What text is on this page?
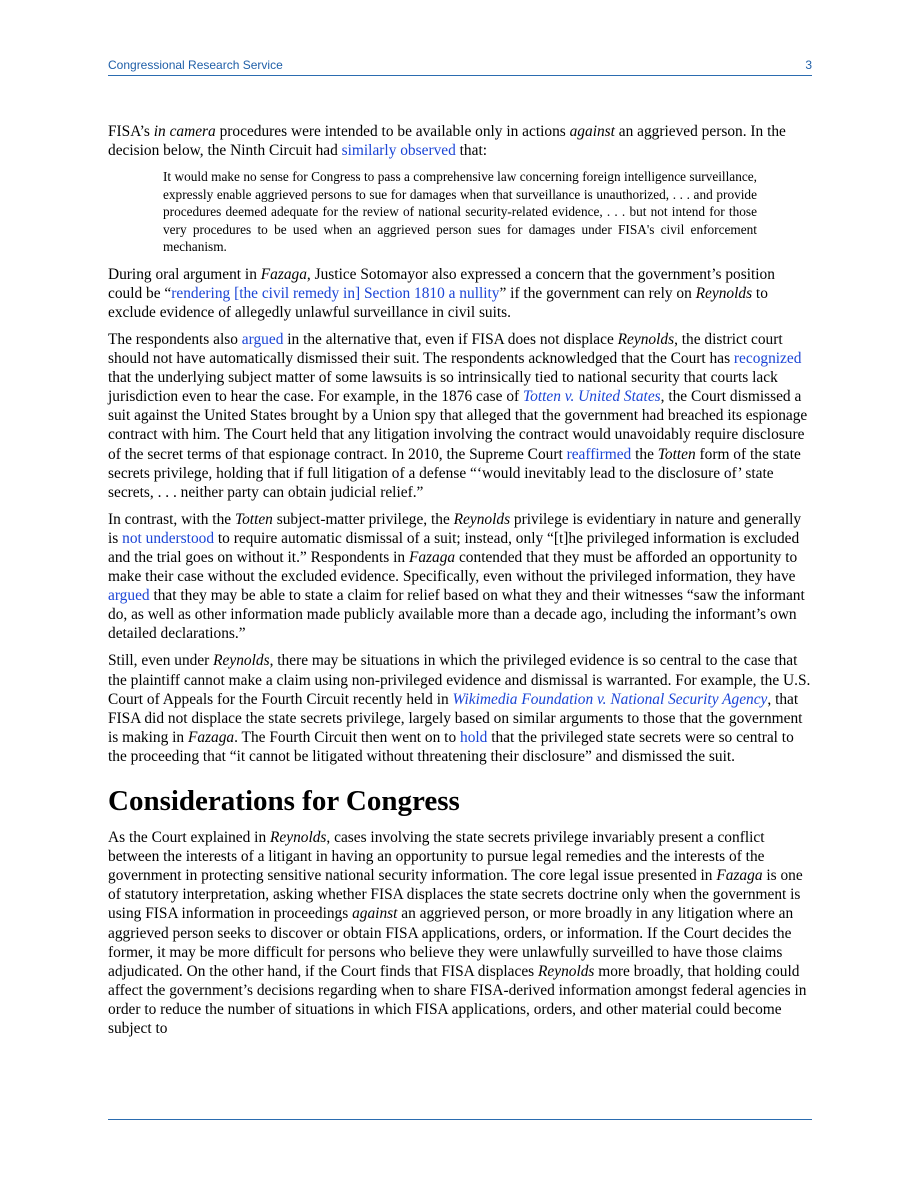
Congressional Research Service	3

FISA’s in camera procedures were intended to be available only in actions against an aggrieved person. In the decision below, the Ninth Circuit had similarly observed that:

It would make no sense for Congress to pass a comprehensive law concerning foreign intelligence surveillance, expressly enable aggrieved persons to sue for damages when that surveillance is unauthorized, . . . and provide procedures deemed adequate for the review of national security-related evidence, . . . but not intend for those very procedures to be used when an aggrieved person sues for damages under FISA's civil enforcement mechanism.

During oral argument in Fazaga, Justice Sotomayor also expressed a concern that the government’s position could be “rendering [the civil remedy in] Section 1810 a nullity” if the government can rely on Reynolds to exclude evidence of allegedly unlawful surveillance in civil suits.

The respondents also argued in the alternative that, even if FISA does not displace Reynolds, the district court should not have automatically dismissed their suit. The respondents acknowledged that the Court has recognized that the underlying subject matter of some lawsuits is so intrinsically tied to national security that courts lack jurisdiction even to hear the case. For example, in the 1876 case of Totten v. United States, the Court dismissed a suit against the United States brought by a Union spy that alleged that the government had breached its espionage contract with him. The Court held that any litigation involving the contract would unavoidably require disclosure of the secret terms of that espionage contract. In 2010, the Supreme Court reaffirmed the Totten form of the state secrets privilege, holding that if full litigation of a defense “‘would inevitably lead to the disclosure of’ state secrets, . . . neither party can obtain judicial relief.”

In contrast, with the Totten subject-matter privilege, the Reynolds privilege is evidentiary in nature and generally is not understood to require automatic dismissal of a suit; instead, only “[t]he privileged information is excluded and the trial goes on without it.” Respondents in Fazaga contended that they must be afforded an opportunity to make their case without the excluded evidence. Specifically, even without the privileged information, they have argued that they may be able to state a claim for relief based on what they and their witnesses “saw the informant do, as well as other information made publicly available more than a decade ago, including the informant’s own detailed declarations.”

Still, even under Reynolds, there may be situations in which the privileged evidence is so central to the case that the plaintiff cannot make a claim using non-privileged evidence and dismissal is warranted. For example, the U.S. Court of Appeals for the Fourth Circuit recently held in Wikimedia Foundation v. National Security Agency, that FISA did not displace the state secrets privilege, largely based on similar arguments to those that the government is making in Fazaga. The Fourth Circuit then went on to hold that the privileged state secrets were so central to the proceeding that “it cannot be litigated without threatening their disclosure” and dismissed the suit.

Considerations for Congress

As the Court explained in Reynolds, cases involving the state secrets privilege invariably present a conflict between the interests of a litigant in having an opportunity to pursue legal remedies and the interests of the government in protecting sensitive national security information. The core legal issue presented in Fazaga is one of statutory interpretation, asking whether FISA displaces the state secrets doctrine only when the government is using FISA information in proceedings against an aggrieved person, or more broadly in any litigation where an aggrieved person seeks to discover or obtain FISA applications, orders, or information. If the Court decides the former, it may be more difficult for persons who believe they were unlawfully surveilled to have those claims adjudicated. On the other hand, if the Court finds that FISA displaces Reynolds more broadly, that holding could affect the government’s decisions regarding when to share FISA-derived information amongst federal agencies in order to reduce the number of situations in which FISA applications, orders, and other material could become subject to
